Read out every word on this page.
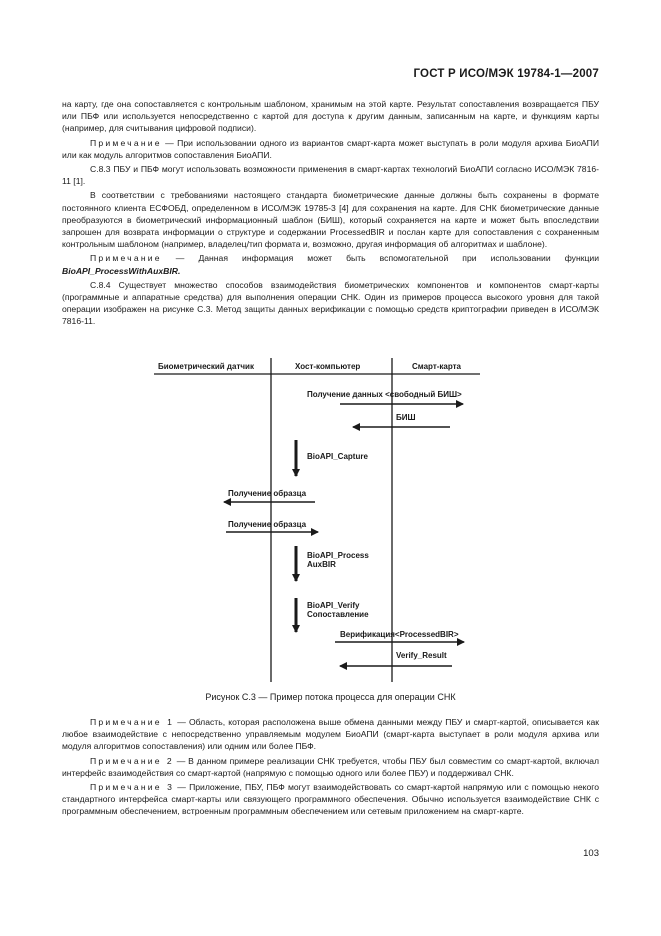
ГОСТ Р ИСО/МЭК 19784-1—2007

на карту, где она сопоставляется с контрольным шаблоном, хранимым на этой карте. Результат сопоставления возвращается ПБУ или ПБФ или используется непосредственно с картой для доступа к другим данным, записанным на карте, и функциям карты (например, для считывания цифровой подписи).

Примечание — При использовании одного из вариантов смарт-карта может выступать в роли модуля архива БиоАПИ или как модуль алгоритмов сопоставления БиоАПИ.

С.8.3 ПБУ и ПБФ могут использовать возможности применения в смарт-картах технологий БиоАПИ согласно ИСО/МЭК 7816-11 [1].

В соответствии с требованиями настоящего стандарта биометрические данные должны быть сохранены в формате постоянного клиента ЕСФОБД, определенном в ИСО/МЭК 19785-3 [4] для сохранения на карте. Для СНК биометрические данные преобразуются в биометрический информационный шаблон (БИШ), который сохраняется на карте и может быть впоследствии запрошен для возврата информации о структуре и содержании ProcessedBIR и послан карте для сопоставления с сохраненным контрольным шаблоном (например, владелец/тип формата и, возможно, другая информация об алгоритмах и шаблоне).

Примечание — Данная информация может быть вспомогательной при использовании функции BioAPI_ProcessWithAuxBIR.

С.8.4 Существует множество способов взаимодействия биометрических компонентов и компонентов смарт-карты (программные и аппаратные средства) для выполнения операции СНК. Один из примеров процесса высокого уровня для такой операции изображен на рисунке С.3. Метод защиты данных верификации с помощью средств криптографии приведен в ИСО/МЭК 7816-11.

Биометрический датчик	Хост-компьютер	Смарт-карта
Получение данных <свободный БИШ>
БИШ
BioAPI_Capture
Получение образца
Получение образца
BioAPI_Process
AuxBIR
BioAPI_Verify
Сопоставление
Верификация<ProcessedBIR>
Verify_Result
Рисунок С.3 — Пример потока процесса для операции СНК

Примечание 1 — Область, которая расположена выше обмена данными между ПБУ и смарт-картой, описывается как любое взаимодействие с непосредственно управляемым модулем БиоАПИ (смарт-карта выступает в роли модуля архива или модуля алгоритмов сопоставления) или одним или более ПБФ.

Примечание 2 — В данном примере реализации СНК требуется, чтобы ПБУ был совместим со смарт-картой, включал интерфейс взаимодействия со смарт-картой (напрямую с помощью одного или более ПБУ) и поддерживал СНК.

Примечание 3 — Приложение, ПБУ, ПБФ могут взаимодействовать со смарт-картой напрямую или с помощью некого стандартного интерфейса смарт-карты или связующего программного обеспечения. Обычно используется взаимодействие СНК с программным обеспечением, встроенным программным обеспечением или сетевым приложением на смарт-карте.

103
